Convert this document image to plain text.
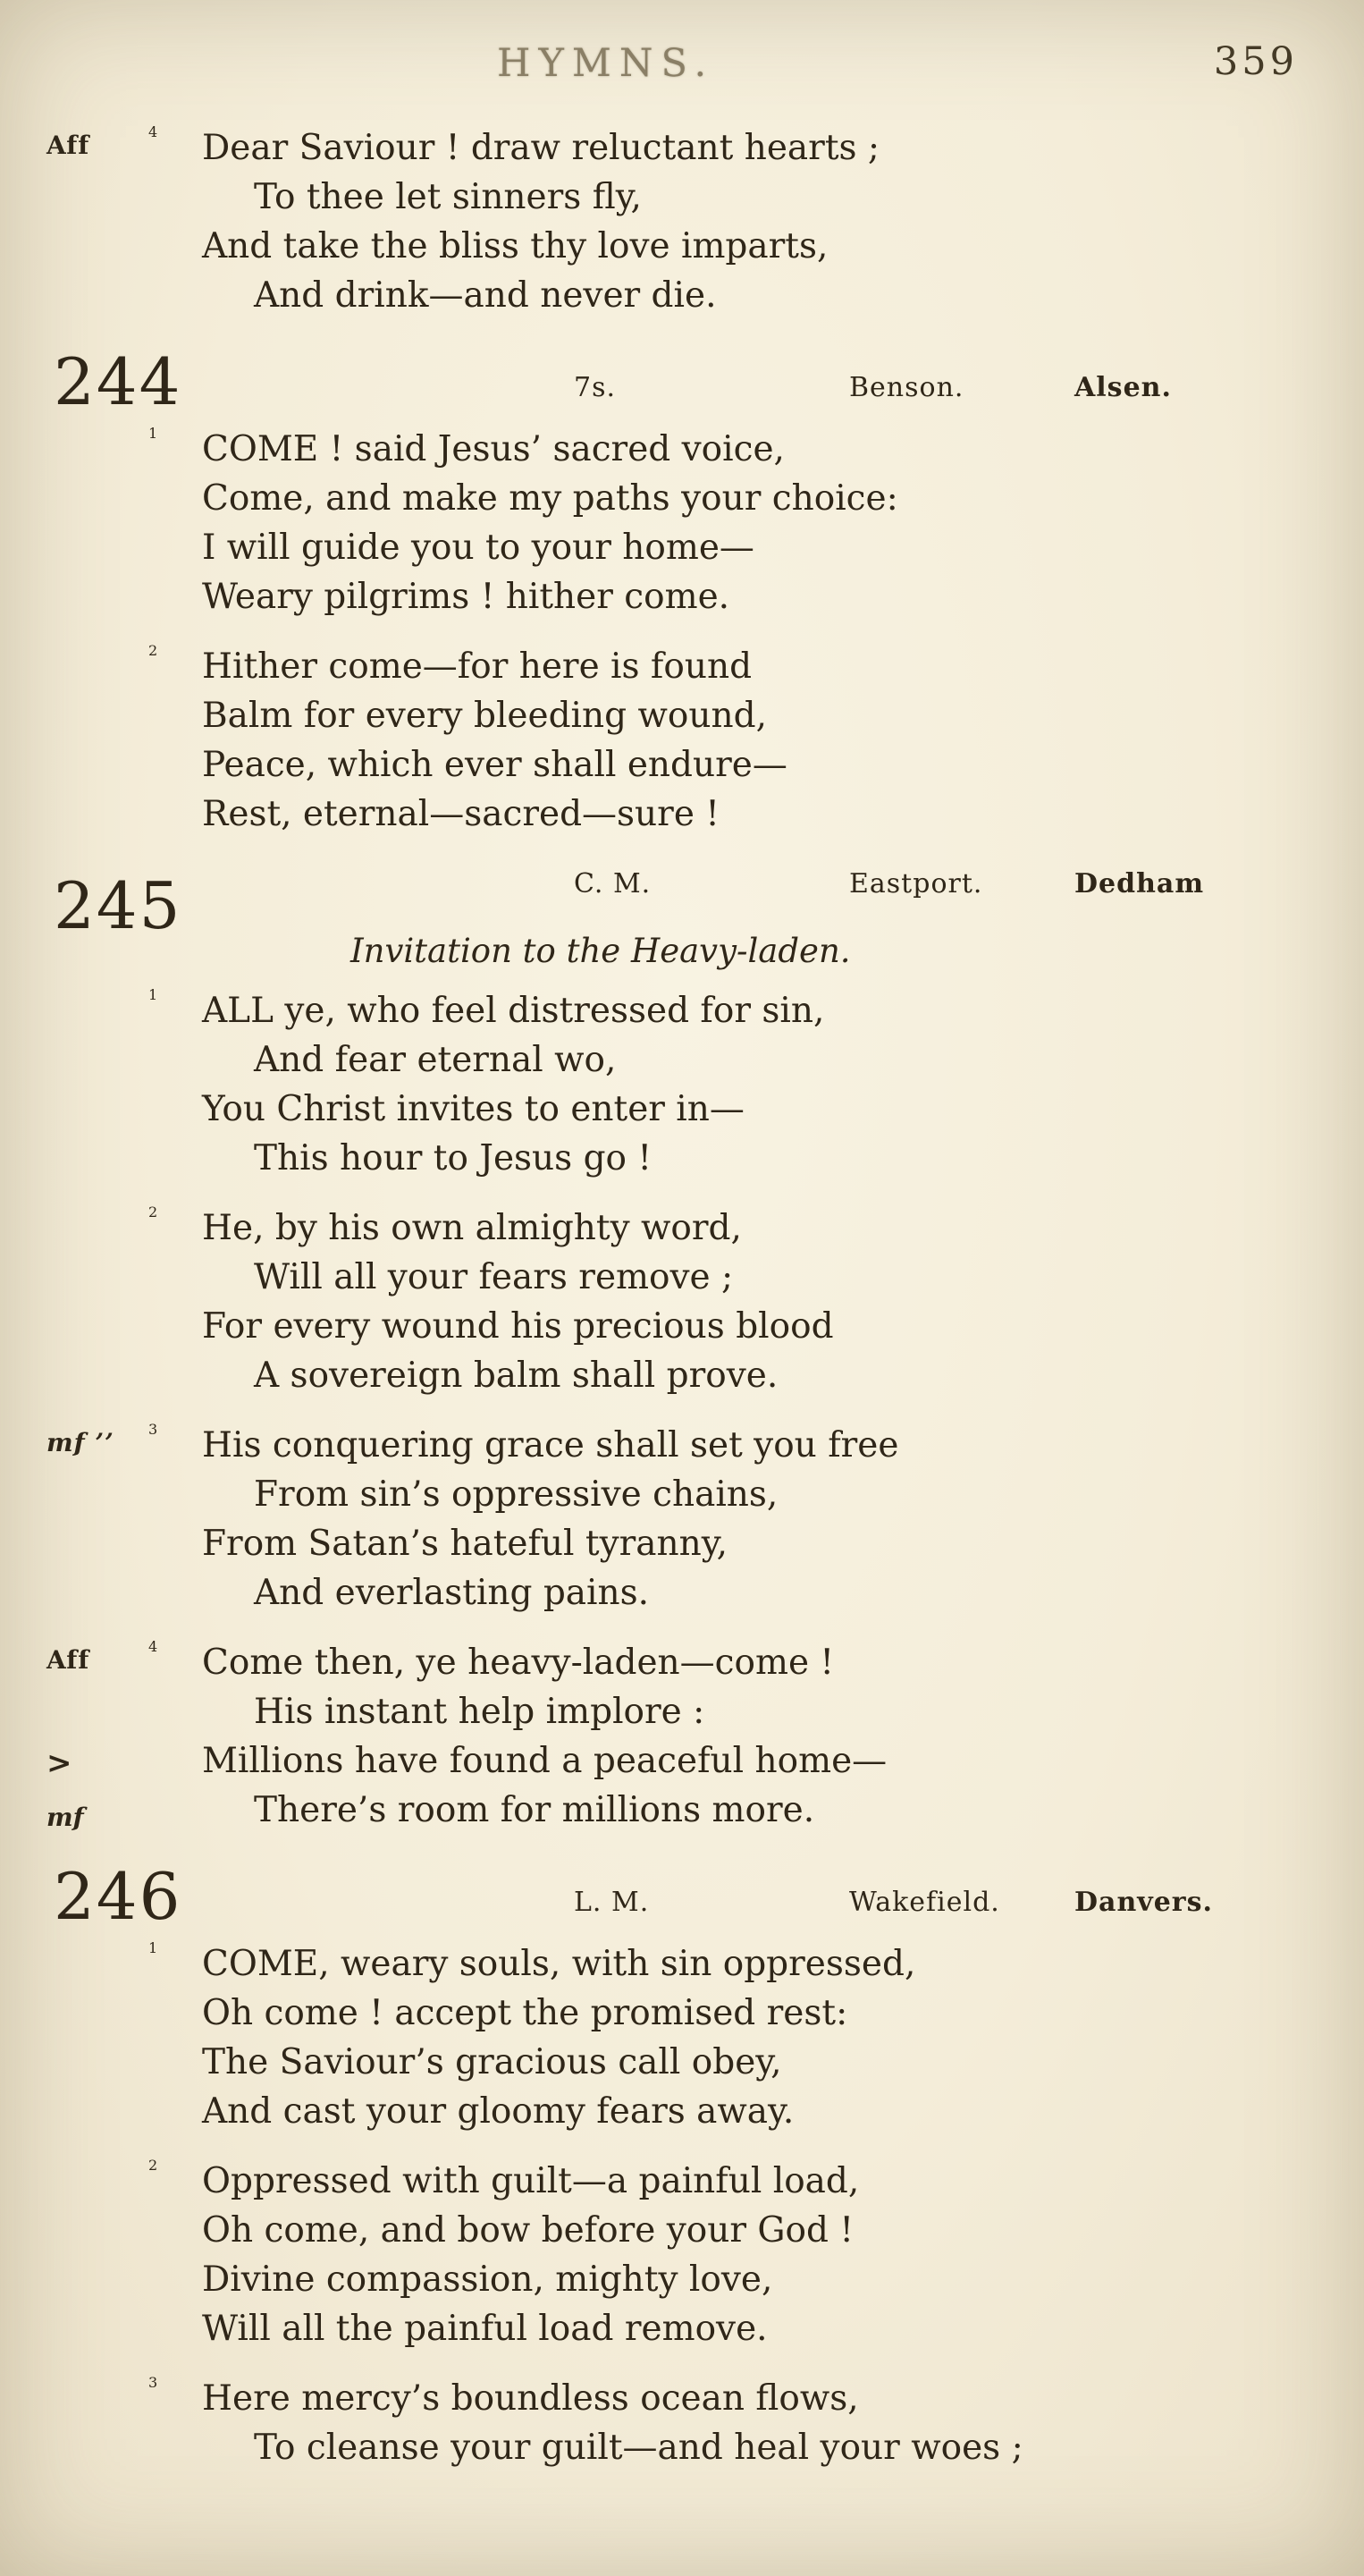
HYMNS.	359
Aff	4 Dear Saviour ! draw reluctant hearts ;
To thee let sinners fly,
And take the bliss thy love imparts,
And drink—and never die.
244	7s.	Benson.	Alsen.
1 COME ! said Jesus’ sacred voice,
Come, and make my paths your choice:
I will guide you to your home—
Weary pilgrims ! hither come.
2 Hither come—for here is found
Balm for every bleeding wound,
Peace, which ever shall endure—
Rest, eternal—sacred—sure !
245	C. M.	Eastport.	Dedham
Invitation to the Heavy-laden.
1 ALL ye, who feel distressed for sin,
And fear eternal wo,
You Christ invites to enter in—
This hour to Jesus go !
2 He, by his own almighty word,
Will all your fears remove ;
For every wound his precious blood
A sovereign balm shall prove.
mf ’’ 3 His conquering grace shall set you free
From sin’s oppressive chains,
From Satan’s hateful tyranny,
And everlasting pains.
Aff	4 Come then, ye heavy-laden—come !
His instant help implore :
>	Millions have found a peaceful home—
mf	There’s room for millions more.
246	L. M.	Wakefield.	Danvers.
1 COME, weary souls, with sin oppressed,
Oh come ! accept the promised rest:
The Saviour’s gracious call obey,
And cast your gloomy fears away.
2 Oppressed with guilt—a painful load,
Oh come, and bow before your God !
Divine compassion, mighty love,
Will all the painful load remove.
3 Here mercy’s boundless ocean flows,
To cleanse your guilt—and heal your woes ;
